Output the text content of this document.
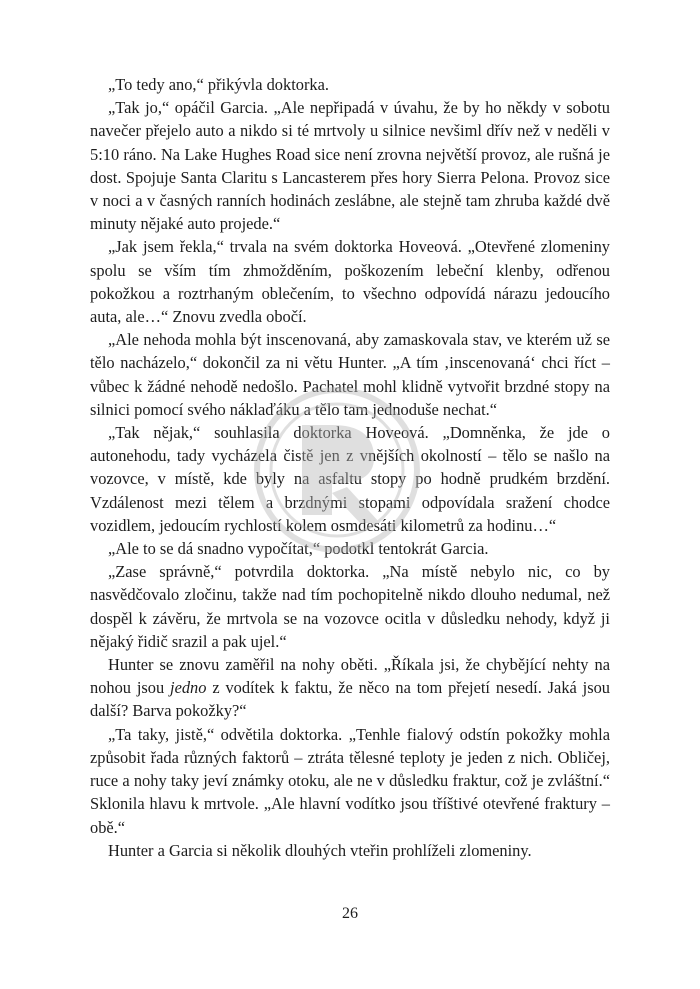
„To tedy ano,“ přikývla doktorka.

„Tak jo,“ opáčil Garcia. „Ale nepřipadá v úvahu, že by ho někdy v sobotu navečer přejelo auto a nikdo si té mrtvoly u silnice nevšiml dřív než v neděli v 5:10 ráno. Na Lake Hughes Road sice není zrovna největší provoz, ale rušná je dost. Spojuje Santa Claritu s Lancasterem přes hory Sierra Pelona. Provoz sice v noci a v časných ranních hodinách zeslábne, ale stejně tam zhruba každé dvě minuty nějaké auto projede.“

„Jak jsem řekla,“ trvala na svém doktorka Hoveová. „Otevřené zlomeniny spolu se vším tím zhmožděním, poškozením lebeční klenby, odřenou pokožkou a roztrhaným oblečením, to všechno odpovídá nárazu jedoucího auta, ale…“ Znovu zvedla obočí.

„Ale nehoda mohla být inscenovaná, aby zamaskovala stav, ve kterém už se tělo nacházelo,“ dokončil za ni větu Hunter. „A tím ‚inscenovaná‘ chci říct – vůbec k žádné nehodě nedošlo. Pachatel mohl klidně vytvořit brzdné stopy na silnici pomocí svého náklaďáku a tělo tam jednoduše nechat.“

„Tak nějak,“ souhlasila doktorka Hoveová. „Domněnka, že jde o autonehodu, tady vycházela čistě jen z vnějších okolností – tělo se našlo na vozovce, v místě, kde byly na asfaltu stopy po hodně prudkém brzdění. Vzdálenost mezi tělem a brzdnými stopami odpovídala sražení chodce vozidlem, jedoucím rychlostí kolem osmdesáti kilometrů za hodinu…“

„Ale to se dá snadno vypočítat,“ podotkl tentokrát Garcia.

„Zase správně,“ potvrdila doktorka. „Na místě nebylo nic, co by nasvědčovalo zločinu, takže nad tím pochopitelně nikdo dlouho nedumal, než dospěl k závěru, že mrtvola se na vozovce ocitla v důsledku nehody, když ji nějaký řidič srazil a pak ujel.“

Hunter se znovu zaměřil na nohy oběti. „Říkala jsi, že chybějící nehty na nohou jsou jedno z vodítek k faktu, že něco na tom přejetí nesedí. Jaká jsou další? Barva pokožky?“

„Ta taky, jistě,“ odvětila doktorka. „Tenhle fialový odstín pokožky mohla způsobit řada různých faktorů – ztráta tělesné teploty je jeden z nich. Obličej, ruce a nohy taky jeví známky otoku, ale ne v důsledku fraktur, což je zvláštní.“ Sklonila hlavu k mrtvole. „Ale hlavní vodítko jsou tříštivé otevřené fraktury – obě.“

Hunter a Garcia si několik dlouhých vteřin prohlíželi zlomeniny.

26
